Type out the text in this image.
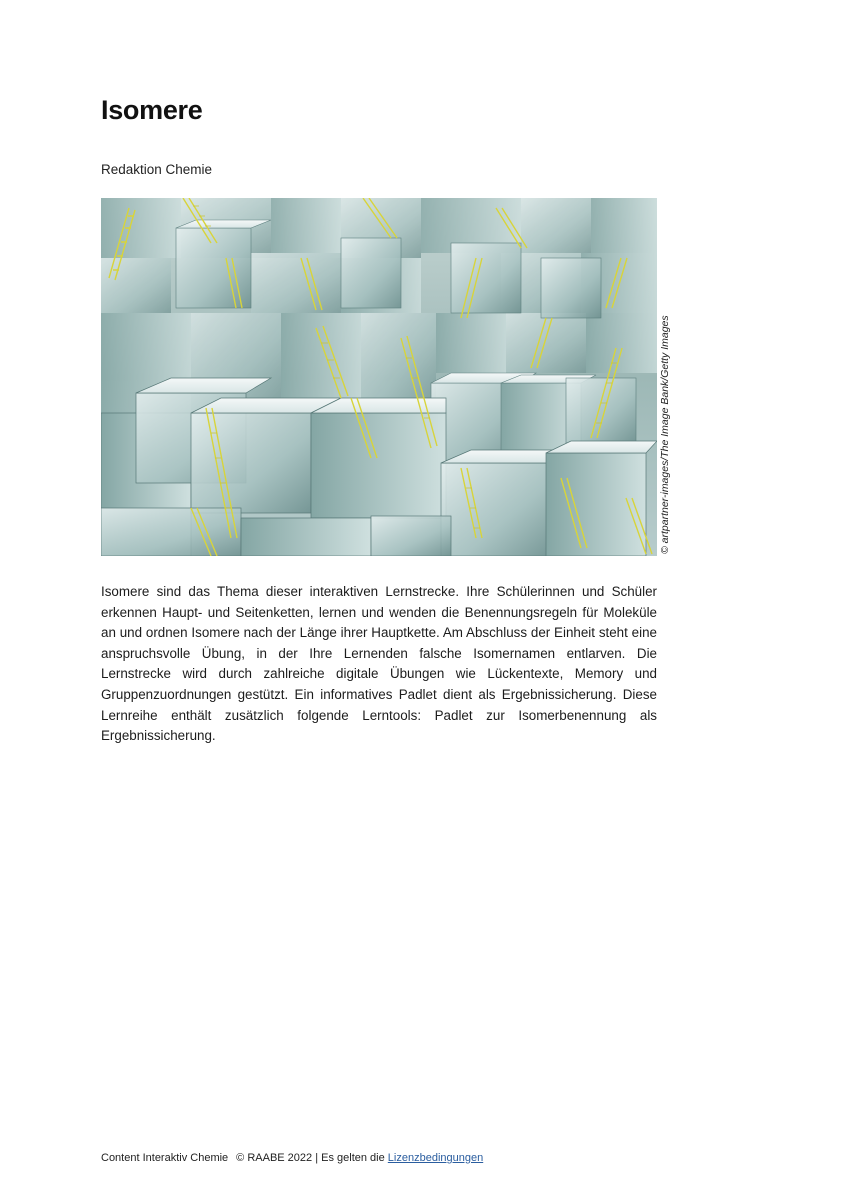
Isomere
Redaktion Chemie
© artpartner-images/The Image Bank/Getty Images

Isomere sind das Thema dieser interaktiven Lernstrecke. Ihre Schülerinnen und Schüler erkennen Haupt- und Seitenketten, lernen und wenden die Benennungsregeln für Moleküle an und ordnen Isomere nach der Länge ihrer Hauptkette. Am Abschluss der Einheit steht eine anspruchsvolle Übung, in der Ihre Lernenden falsche Isomernamen entlarven. Die Lernstrecke wird durch zahlreiche digitale Übungen wie Lückentexte, Memory und Gruppenzuordnungen gestützt. Ein informatives Padlet dient als Ergebnissicherung. Diese Lernreihe enthält zusätzlich folgende Lerntools: Padlet zur Isomerbenennung als Ergebnissicherung.

Content Interaktiv Chemie © RAABE 2022 | Es gelten die Lizenzbedingungen
